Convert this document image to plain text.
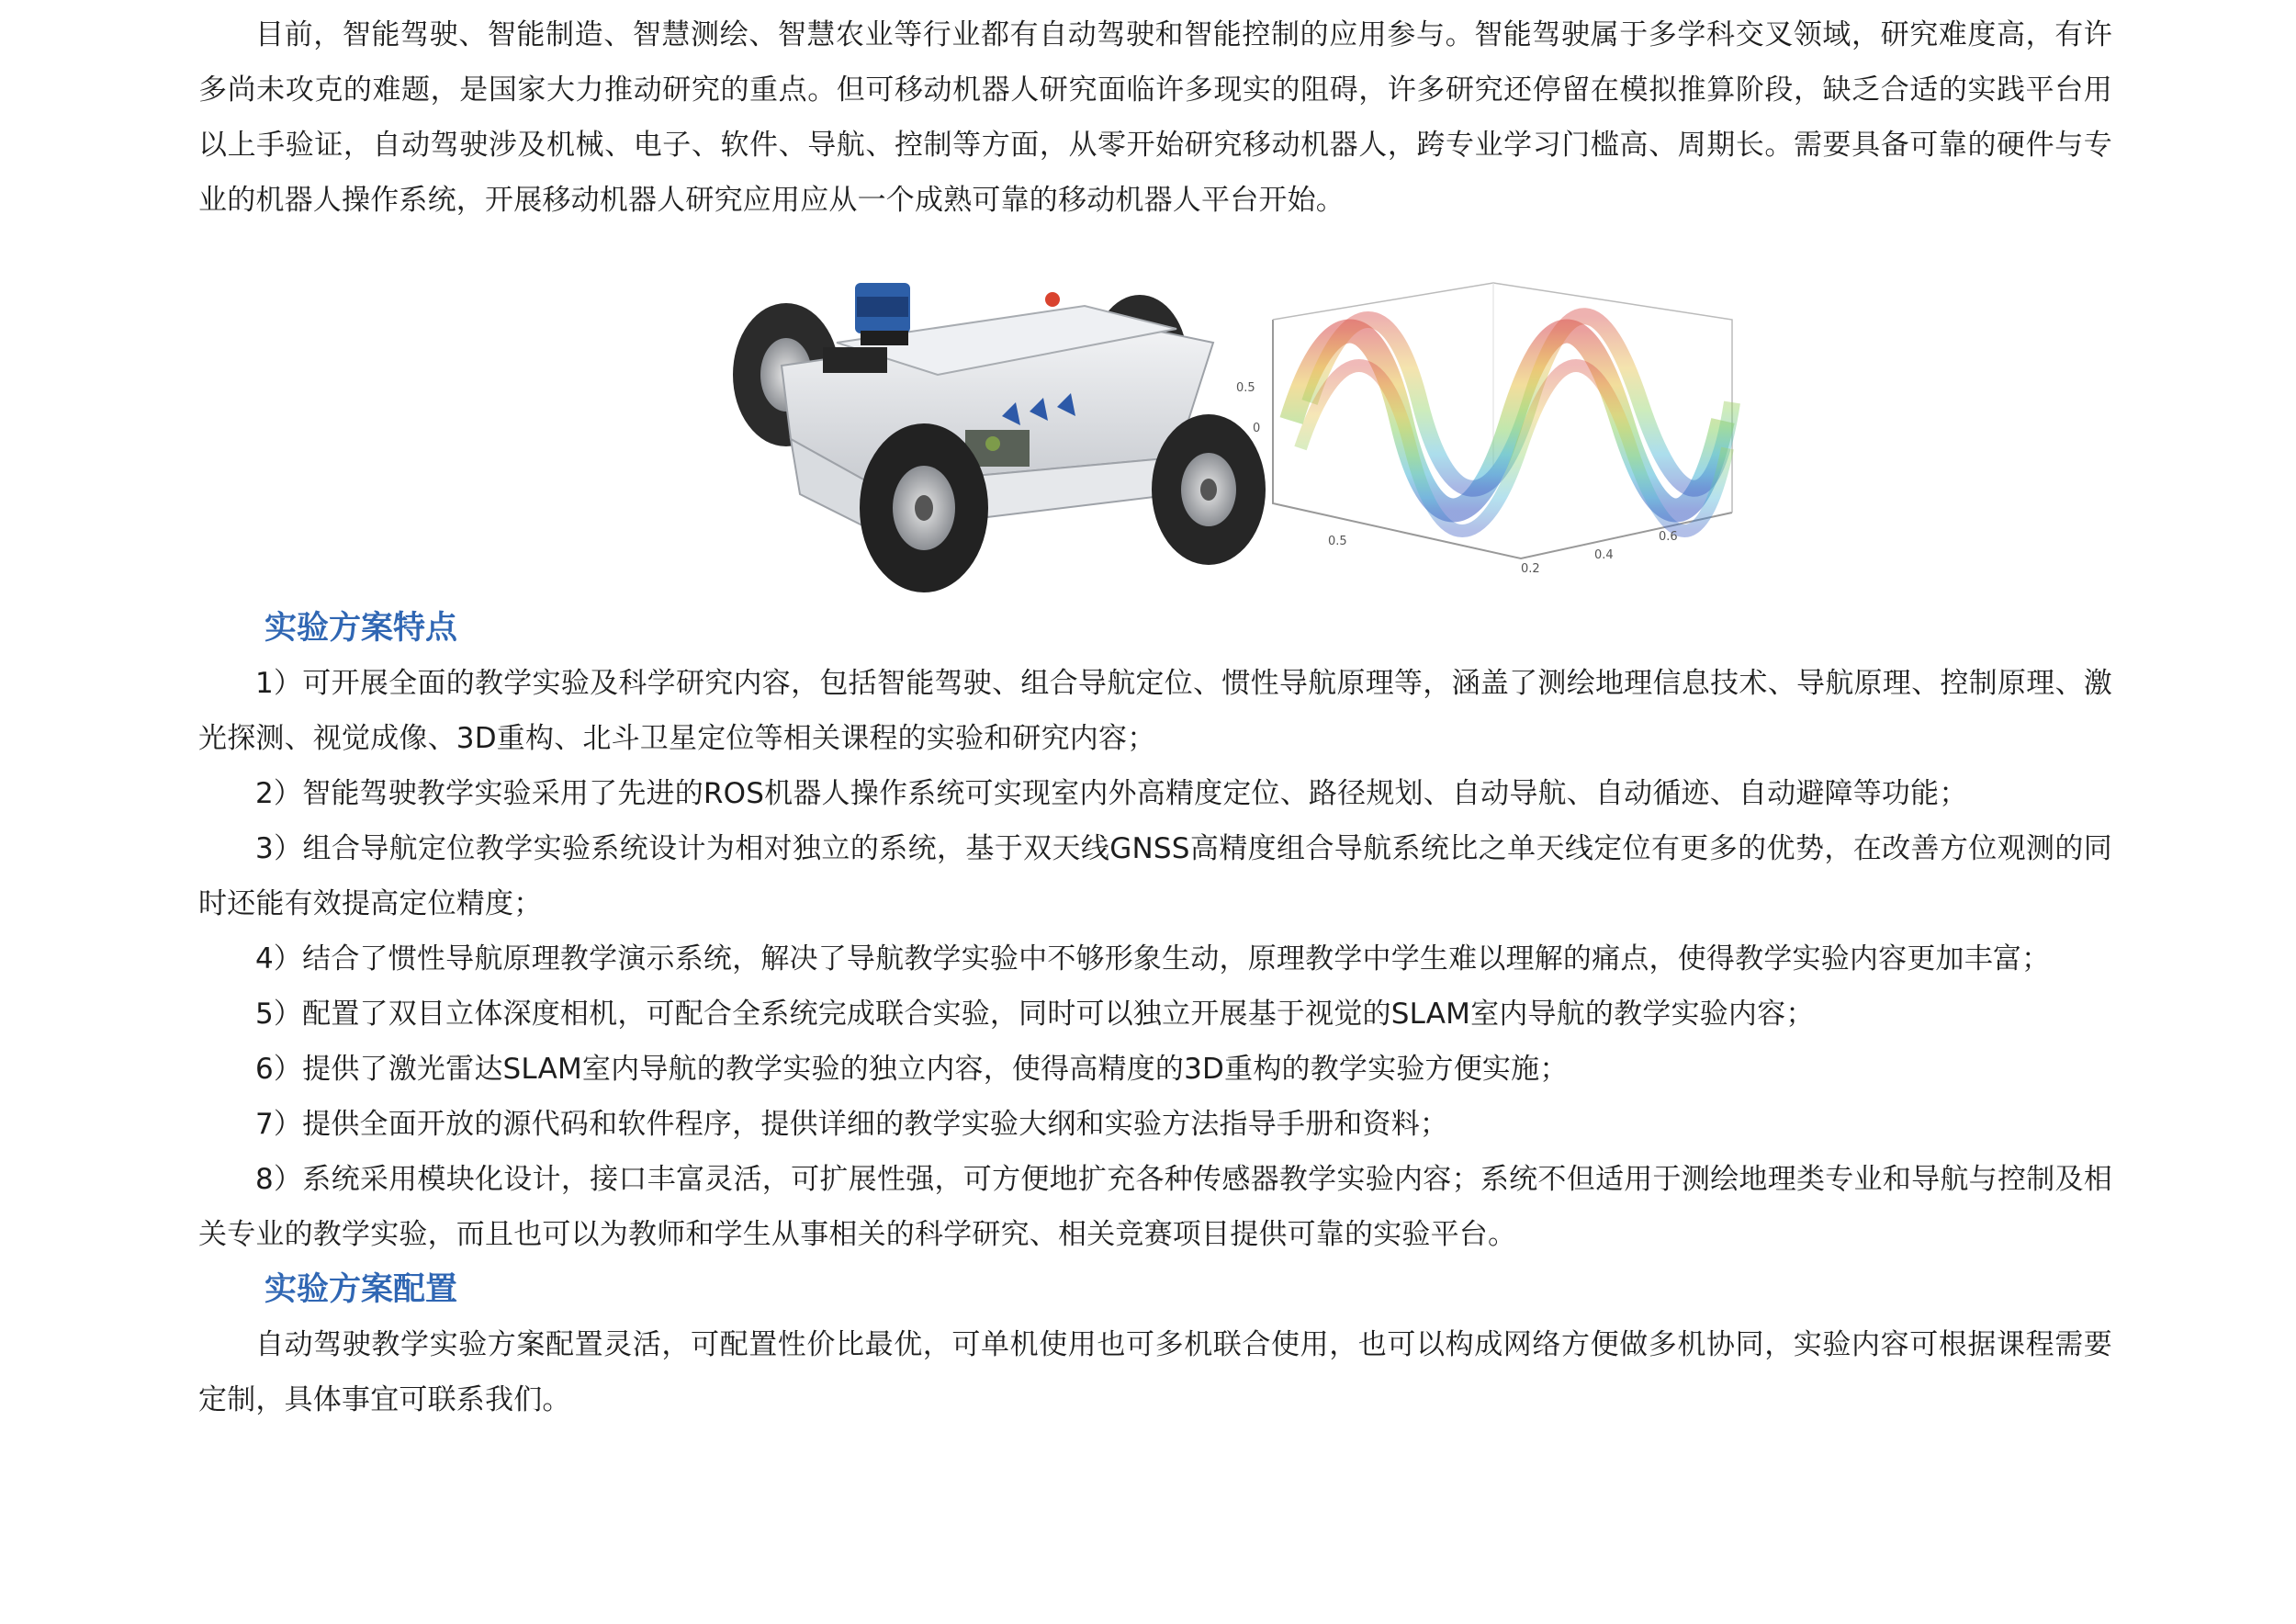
目前，智能驾驶、智能制造、智慧测绘、智慧农业等行业都有自动驾驶和智能控制的应用参与。智能驾驶属于多学科交叉领域，研究难度高，有许多尚未攻克的难题，是国家大力推动研究的重点。但可移动机器人研究面临许多现实的阻碍，许多研究还停留在模拟推算阶段，缺乏合适的实践平台用以上手验证，自动驾驶涉及机械、电子、软件、导航、控制等方面，从零开始研究移动机器人，跨专业学习门槛高、周期长。需要具备可靠的硬件与专业的机器人操作系统，开展移动机器人研究应用应从一个成熟可靠的移动机器人平台开始。

0.5
0
0.5	0.6
0.2
0.4
实验方案特点

1）可开展全面的教学实验及科学研究内容，包括智能驾驶、组合导航定位、惯性导航原理等，涵盖了测绘地理信息技术、导航原理、控制原理、激光探测、视觉成像、3D重构、北斗卫星定位等相关课程的实验和研究内容；

2）智能驾驶教学实验采用了先进的ROS机器人操作系统可实现室内外高精度定位、路径规划、自动导航、自动循迹、自动避障等功能；

3）组合导航定位教学实验系统设计为相对独立的系统，基于双天线GNSS高精度组合导航系统比之单天线定位有更多的优势，在改善方位观测的同时还能有效提高定位精度；

4）结合了惯性导航原理教学演示系统，解决了导航教学实验中不够形象生动，原理教学中学生难以理解的痛点，使得教学实验内容更加丰富；

5）配置了双目立体深度相机，可配合全系统完成联合实验，同时可以独立开展基于视觉的SLAM室内导航的教学实验内容；

6）提供了激光雷达SLAM室内导航的教学实验的独立内容，使得高精度的3D重构的教学实验方便实施；

7）提供全面开放的源代码和软件程序，提供详细的教学实验大纲和实验方法指导手册和资料；

8）系统采用模块化设计，接口丰富灵活，可扩展性强，可方便地扩充各种传感器教学实验内容；系统不但适用于测绘地理类专业和导航与控制及相关专业的教学实验，而且也可以为教师和学生从事相关的科学研究、相关竞赛项目提供可靠的实验平台。

实验方案配置

自动驾驶教学实验方案配置灵活，可配置性价比最优，可单机使用也可多机联合使用，也可以构成网络方便做多机协同，实验内容可根据课程需要定制，具体事宜可联系我们。
